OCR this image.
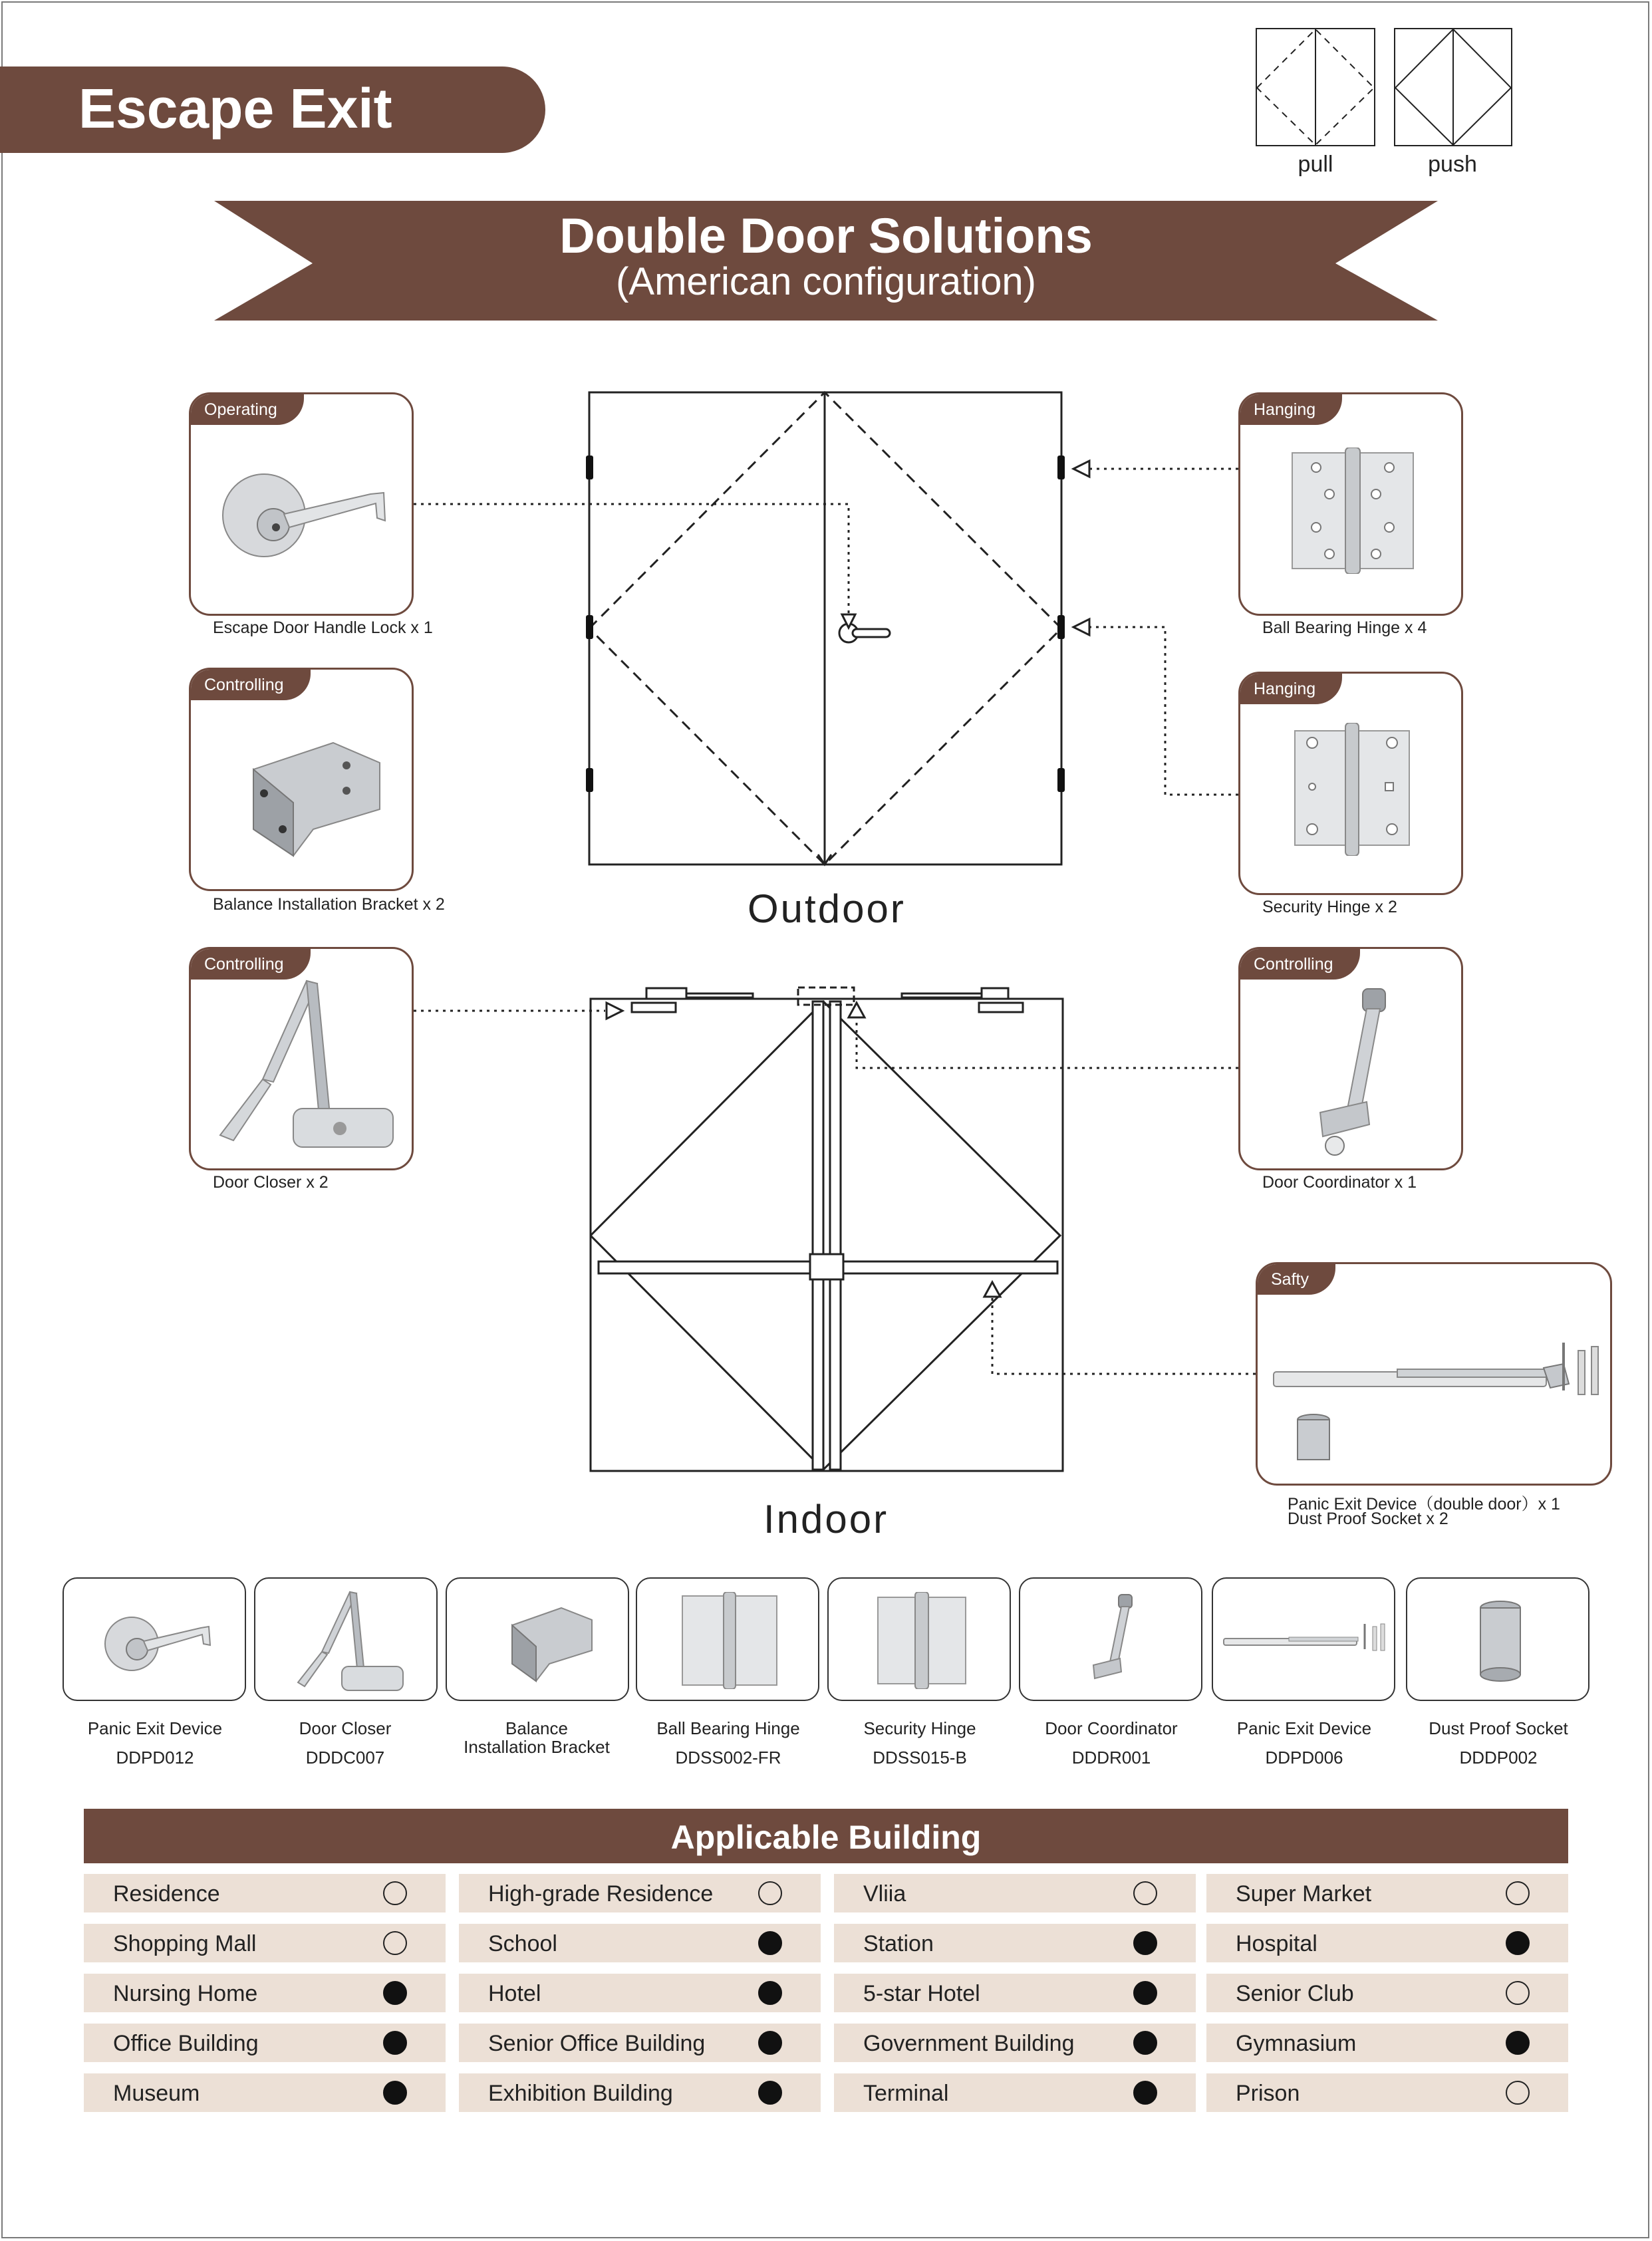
Escape Exit
pull	push
Double Door Solutions
(American configuration)
Outdoor
Indoor
Operating
Escape Door Handle Lock x 1
Controlling
Balance Installation Bracket x 2
Controlling
Door Closer x 2
Hanging
Ball Bearing Hinge x 4
Hanging
Security Hinge x 2
Controlling
Door Coordinator x 1
Safty
Panic Exit Device（double door）x 1
Dust Proof Socket x 2
Panic Exit Device
DDPD012
Door Closer
DDDC007
Balance
Installation Bracket
Ball Bearing Hinge
DDSS002-FR
Security Hinge
DDSS015-B
Door Coordinator
DDDR001
Panic Exit Device
DDPD006
Dust Proof Socket
DDDP002
Applicable Building
Residence	High-grade Residence	Vliia	Super Market
Shopping Mall	School	Station	Hospital
Nursing Home	Hotel	5-star Hotel	Senior Club
Office Building	Senior Office Building	Government Building	Gymnasium
Museum	Exhibition Building	Terminal	Prison
